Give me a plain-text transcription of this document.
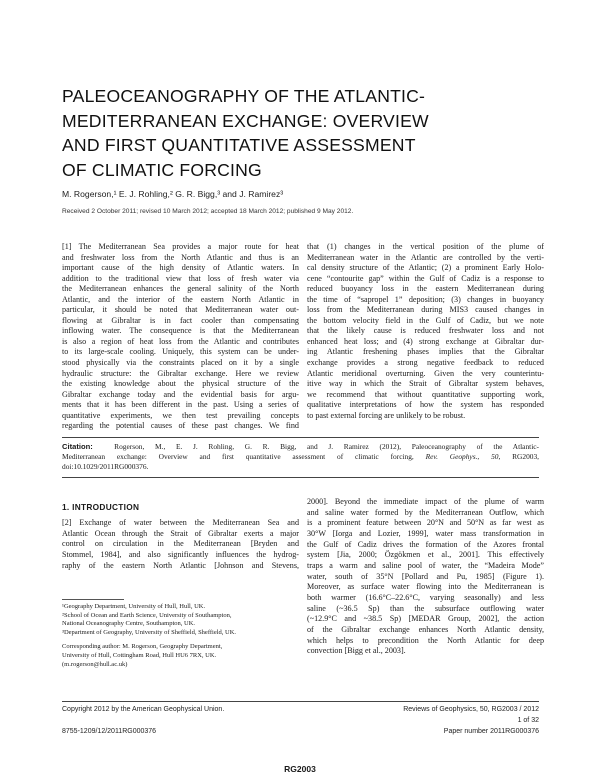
PALEOCEANOGRAPHY OF THE ATLANTIC-
MEDITERRANEAN EXCHANGE: OVERVIEW
AND FIRST QUANTITATIVE ASSESSMENT
OF CLIMATIC FORCING
M. Rogerson,¹ E. J. Rohling,² G. R. Bigg,³ and J. Ramirez³
Received 2 October 2011; revised 10 March 2012; accepted 18 March 2012; published 9 May 2012.
[1] The Mediterranean Sea provides a major route for heat
and freshwater loss from the North Atlantic and thus is an
important cause of the high density of Atlantic waters. In
addition to the traditional view that loss of fresh water via
the Mediterranean enhances the general salinity of the North
Atlantic, and the interior of the eastern North Atlantic in
particular, it should be noted that Mediterranean water out-
flowing at Gibraltar is in fact cooler than compensating
inflowing water. The consequence is that the Mediterranean
is also a region of heat loss from the Atlantic and contributes
to its large-scale cooling. Uniquely, this system can be under-
stood physically via the constraints placed on it by a single
hydraulic structure: the Gibraltar exchange. Here we review
the existing knowledge about the physical structure of the
Gibraltar exchange today and the evidential basis for argu-
ments that it has been different in the past. Using a series of
quantitative experiments, we then test prevailing concepts
regarding the potential causes of these past changes. We find
that (1) changes in the vertical position of the plume of
Mediterranean water in the Atlantic are controlled by the verti-
cal density structure of the Atlantic; (2) a prominent Early Holo-
cene “contourite gap” within the Gulf of Cadiz is a response to
reduced buoyancy loss in the eastern Mediterranean during
the time of “sapropel 1” deposition; (3) changes in buoyancy
loss from the Mediterranean during MIS3 caused changes in
the bottom velocity field in the Gulf of Cadiz, but we note
that the likely cause is reduced freshwater loss and not
enhanced heat loss; and (4) strong exchange at Gibraltar dur-
ing Atlantic freshening phases implies that the Gibraltar
exchange provides a strong negative feedback to reduced
Atlantic meridional overturning. Given the very counterintu-
itive way in which the Strait of Gibraltar system behaves,
we recommend that without quantitative supporting work,
qualitative interpretations of how the system has responded
to past external forcing are unlikely to be robust.
Citation:	Rogerson, M., E. J. Rohling, G. R. Bigg, and J. Ramirez (2012), Paleoceanography of the Atlantic-
Mediterranean exchange: Overview and first quantitative assessment of climatic forcing, Rev. Geophys., 50, RG2003,
doi:10.1029/2011RG000376.
1. INTRODUCTION
[2] Exchange of water between the Mediterranean Sea and
Atlantic Ocean through the Strait of Gibraltar exerts a major
control on circulation in the Mediterranean [Bryden and
Stommel, 1984], and also significantly influences the hydrog-
raphy of the eastern North Atlantic [Johnson and Stevens,
2000]. Beyond the immediate impact of the plume of warm
and saline water formed by the Mediterranean Outflow, which
is a prominent feature between 20°N and 50°N as far west as
30°W [Iorga and Lozier, 1999], water mass transformation in
the Gulf of Cadiz drives the formation of the Azores frontal
system [Jia, 2000; Özgökmen et al., 2001]. This effectively
traps a warm and saline pool of water, the “Madeira Mode”
water, south of 35°N [Pollard and Pu, 1985] (Figure 1).
Moreover, as surface water flowing into the Mediterranean is
both warmer (16.6°C–22.6°C, varying seasonally) and less
saline (~36.5 Sp) than the subsurface outflowing water
(~12.9°C and ~38.5 Sp) [MEDAR Group, 2002], the action
of the Gibraltar exchange enhances North Atlantic density,
which helps to precondition the North Atlantic for deep
convection [Bigg et al., 2003].
¹Geography Department, University of Hull, Hull, UK.
²School of Ocean and Earth Science, University of Southampton,
National Oceanography Centre, Southampton, UK.
³Department of Geography, University of Sheffield, Sheffield, UK.
Corresponding author: M. Rogerson, Geography Department,
University of Hull, Cottingham Road, Hull HU6 7RX, UK.
(m.rogerson@hull.ac.uk)
Copyright 2012 by the American Geophysical Union.	Reviews of Geophysics, 50, RG2003 / 2012
1 of 32
8755-1209/12/2011RG000376	Paper number 2011RG000376
RG2003
